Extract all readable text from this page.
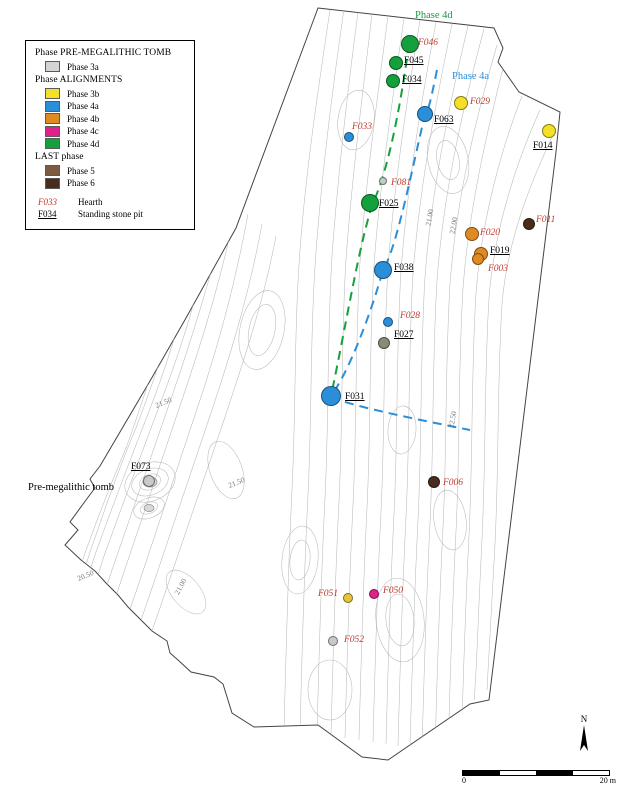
Phase PRE-MEGALITHIC TOMB
Phase 3a
Phase ALIGNMENTS
Phase 3b
Phase 4a
Phase 4b
Phase 4c
Phase 4d
LAST phase
Phase 5
Phase 6
F033	Hearth
F034	Standing stone pit
F046
F045
F034
F029
F063
F014
F033
F081
F025
F011
F020
F019
F003
F038
F028
F027
F031
F006
F073
F051	F050
F052
Phase 4d
Phase 4a
Pre-megalithic tomb
21.50
21.50
21.00
20.50
21.00 22.00
22.50
N
0	20 m
